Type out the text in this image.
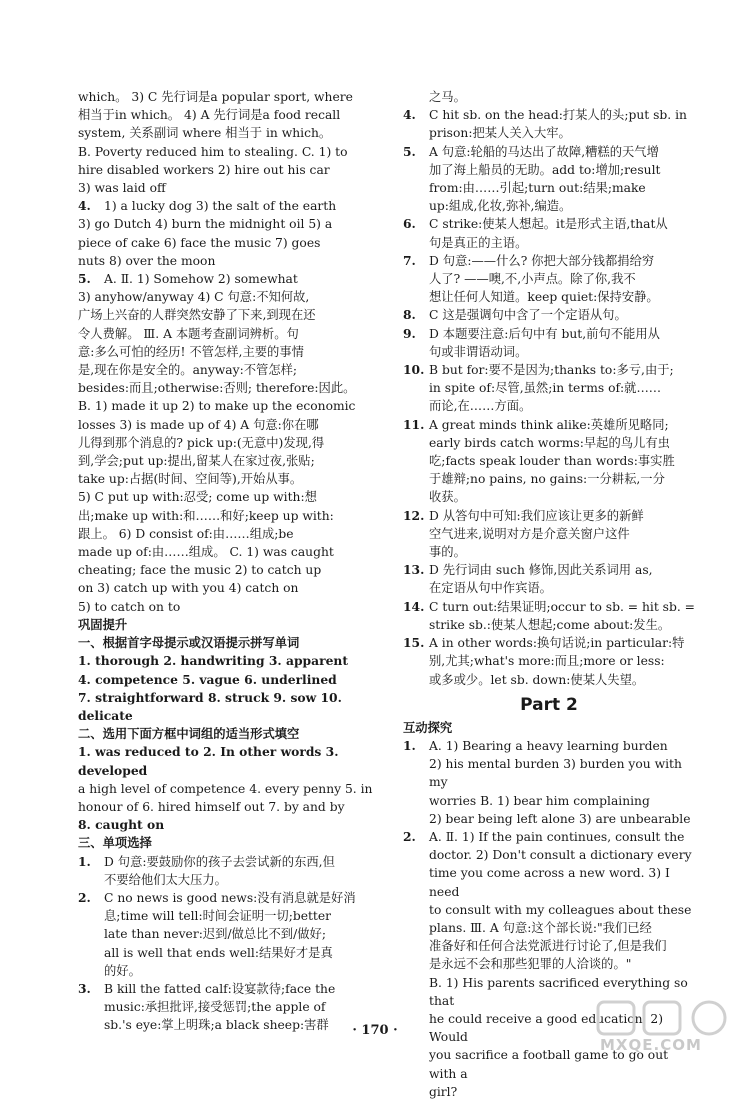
which。 3) C 先行词是a popular sport, where
相当于in which。 4) A 先行词是a food recall
system, 关系副词 where 相当于 in which。
B. Poverty reduced him to stealing. C. 1) to
hire disabled workers 2) hire out his car
3) was laid off
4. 1) a lucky dog 3) the salt of the earth
3) go Dutch 4) burn the midnight oil 5) a
piece of cake 6) face the music 7) goes
nuts 8) over the moon
5. A. Ⅱ. 1) Somehow 2) somewhat
3) anyhow/anyway 4) C 句意:不知何故,
广场上兴奋的人群突然安静了下来,到现在还
令人费解。 Ⅲ. A 本题考查副词辨析。句
意:多么可怕的经历! 不管怎样,主要的事情
是,现在你是安全的。anyway:不管怎样;
besides:而且;otherwise:否则; therefore:因此。
B. 1) made it up 2) to make up the economic
losses 3) is made up of 4) A 句意:你在哪
儿得到那个消息的? pick up:(无意中)发现,得
到,学会;put up:提出,留某人在家过夜,张贴;
take up:占据(时间、空间等),开始从事。
5) C put up with:忍受; come up with:想
出;make up with:和……和好;keep up with:
跟上。 6) D consist of:由……组成;be
made up of:由……组成。 C. 1) was caught
cheating; face the music 2) to catch up
on 3) catch up with you 4) catch on
5) to catch on to
巩固提升
一、根据首字母提示或汉语提示拼写单词
1. thorough 2. handwriting 3. apparent
4. competence 5. vague 6. underlined
7. straightforward 8. struck 9. sow 10. delicate
二、选用下面方框中词组的适当形式填空
1. was reduced to 2. In other words 3. developed
a high level of competence 4. every penny 5. in
honour of 6. hired himself out 7. by and by
8. caught on
三、单项选择
1. D 句意:要鼓励你的孩子去尝试新的东西,但
不要给他们太大压力。
2. C no news is good news:没有消息就是好消
息;time will tell:时间会证明一切;better
late than never:迟到/做总比不到/做好;
all is well that ends well:结果好才是真
的好。
3. B kill the fatted calf:设宴款待;face the
music:承担批评,接受惩罚;the apple of
sb.'s eye:掌上明珠;a black sheep:害群
之马。
4. C hit sb. on the head:打某人的头;put sb. in
prison:把某人关入大牢。
5. A 句意:轮船的马达出了故障,糟糕的天气增
加了海上船员的无助。add to:增加;result
from:由……引起;turn out:结果;make
up:組成,化妆,弥补,编造。
6. C strike:使某人想起。it是形式主语,that从
句是真正的主语。
7. D 句意:——什么? 你把大部分钱都捐给穷
人了? ——噢,不,小声点。除了你,我不
想让任何人知道。keep quiet:保持安静。
8. C 这是强调句中含了一个定语从句。
9. D 本题要注意:后句中有 but,前句不能用从
句或非谓语动词。
10. B but for:要不是因为;thanks to:多亏,由于;
in spite of:尽管,虽然;in terms of:就……
而论,在……方面。
11. A great minds think alike:英雄所见略同;
early birds catch worms:早起的鸟儿有虫
吃;facts speak louder than words:事实胜
于雄辩;no pains, no gains:一分耕耘,一分
收获。
12. D 从答句中可知:我们应该让更多的新鲜
空气进来,说明对方是介意关窗户这件
事的。
13. D 先行词由 such 修饰,因此关系词用 as,
在定语从句中作宾语。
14. C turn out:结果证明;occur to sb. = hit sb. =
strike sb.:使某人想起;come about:发生。
15. A in other words:换句话说;in particular:特
别,尤其;what's more:而且;more or less:
或多或少。let sb. down:使某人失望。
Part 2
互动探究
1. A. 1) Bearing a heavy learning burden
2) his mental burden 3) burden you with my
worries B. 1) bear him complaining
2) bear being left alone 3) are unbearable
2. A. Ⅱ. 1) If the pain continues, consult the
doctor. 2) Don't consult a dictionary every
time you come across a new word. 3) I need
to consult with my colleagues about these
plans. Ⅲ. A 句意:这个部长说:"我们已经
准备好和任何合法党派进行讨论了,但是我们
是永远不会和那些犯罪的人洽谈的。"
B. 1) His parents sacrificed everything so that
he could receive a good education. 2) Would
you sacrifice a football game to go out with a
girl?
· 170 ·
MXQE.COM
